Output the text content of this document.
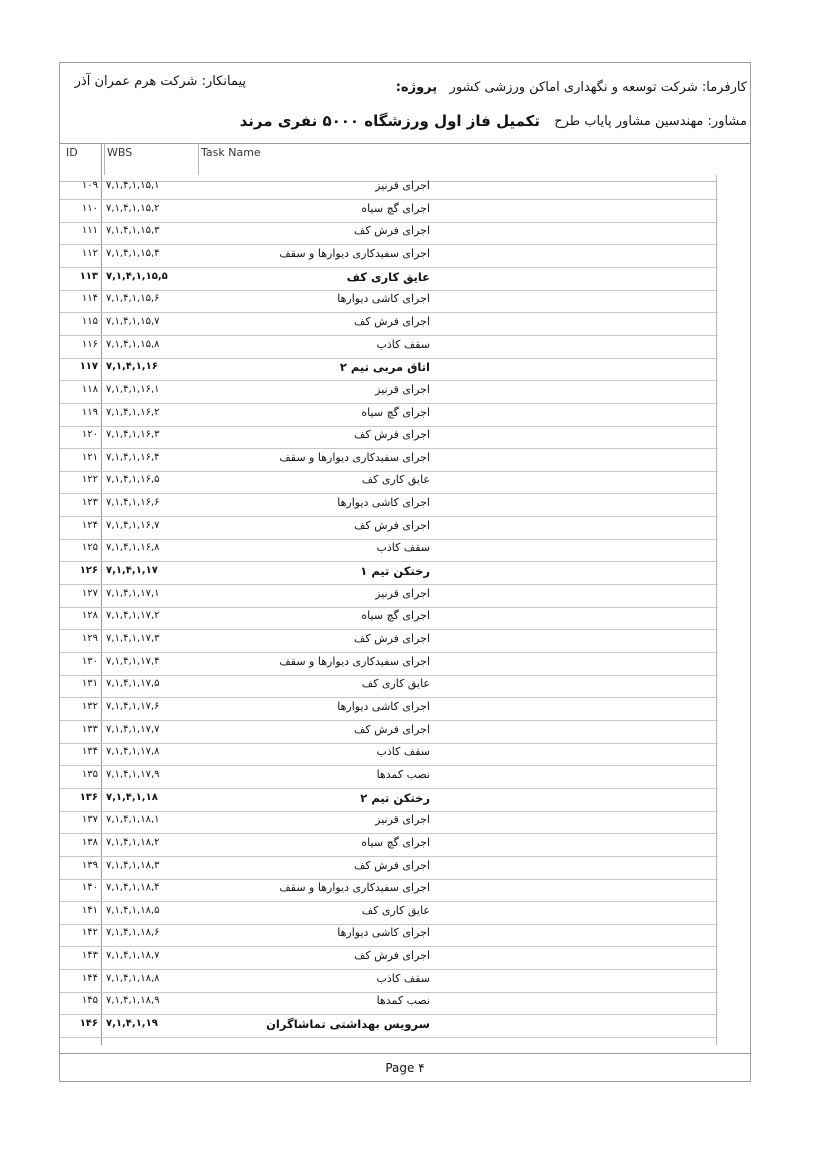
پیمانکار: شرکت هرم عمران آذر	کارفرما: شرکت توسعه و نگهداری اماکن ورزشی کشور   پروژه:
مشاور: مهندسین مشاور پایاب طرح
تکمیل فاز اول ورزشگاه ۵۰۰۰ نفری مرند
ID	WBS	Task Name
۱۰۹ ۷,۱,۴,۱,۱۵,۱	اجرای قرنیز
۱۱۰ ۷,۱,۴,۱,۱۵,۲	اجرای گچ سیاه
۱۱۱ ۷,۱,۴,۱,۱۵,۳	اجرای فرش کف
۱۱۲ ۷,۱,۴,۱,۱۵,۴	اجرای سفیدکاری دیوارها و سقف
۱۱۳ ۷,۱,۴,۱,۱۵,۵	عایق کاری کف
۱۱۴ ۷,۱,۴,۱,۱۵,۶	اجرای کاشی دیوارها
۱۱۵ ۷,۱,۴,۱,۱۵,۷	اجرای فرش کف
۱۱۶ ۷,۱,۴,۱,۱۵,۸	سقف کاذب
۱۱۷ ۷,۱,۴,۱,۱۶	اتاق مربی تیم ۲
۱۱۸ ۷,۱,۴,۱,۱۶,۱	اجرای قرنیز
۱۱۹ ۷,۱,۴,۱,۱۶,۲	اجرای گچ سیاه
۱۲۰ ۷,۱,۴,۱,۱۶,۳	اجرای فرش کف
۱۲۱ ۷,۱,۴,۱,۱۶,۴	اجرای سفیدکاری دیوارها و سقف
۱۲۲ ۷,۱,۴,۱,۱۶,۵	عایق کاری کف
۱۲۳ ۷,۱,۴,۱,۱۶,۶	اجرای کاشی دیوارها
۱۲۴ ۷,۱,۴,۱,۱۶,۷	اجرای فرش کف
۱۲۵ ۷,۱,۴,۱,۱۶,۸	سقف کاذب
۱۲۶ ۷,۱,۴,۱,۱۷	رختکن تیم ۱
۱۲۷ ۷,۱,۴,۱,۱۷,۱	اجرای قرنیز
۱۲۸ ۷,۱,۴,۱,۱۷,۲	اجرای گچ سیاه
۱۲۹ ۷,۱,۴,۱,۱۷,۳	اجرای فرش کف
۱۳۰ ۷,۱,۴,۱,۱۷,۴	اجرای سفیدکاری دیوارها و سقف
۱۳۱ ۷,۱,۴,۱,۱۷,۵	عایق کاری کف
۱۳۲ ۷,۱,۴,۱,۱۷,۶	اجرای کاشی دیوارها
۱۳۳ ۷,۱,۴,۱,۱۷,۷	اجرای فرش کف
۱۳۴ ۷,۱,۴,۱,۱۷,۸	سقف کاذب
۱۳۵ ۷,۱,۴,۱,۱۷,۹	نصب کمدها
۱۳۶ ۷,۱,۴,۱,۱۸	رختکن تیم ۲
۱۳۷ ۷,۱,۴,۱,۱۸,۱	اجرای قرنیز
۱۳۸ ۷,۱,۴,۱,۱۸,۲	اجرای گچ سیاه
۱۳۹ ۷,۱,۴,۱,۱۸,۳	اجرای فرش کف
۱۴۰ ۷,۱,۴,۱,۱۸,۴	اجرای سفیدکاری دیوارها و سقف
۱۴۱ ۷,۱,۴,۱,۱۸,۵	عایق کاری کف
۱۴۲ ۷,۱,۴,۱,۱۸,۶	اجرای کاشی دیوارها
۱۴۳ ۷,۱,۴,۱,۱۸,۷	اجرای فرش کف
۱۴۴ ۷,۱,۴,۱,۱۸,۸	سقف کاذب
۱۴۵ ۷,۱,۴,۱,۱۸,۹	نصب کمدها
۱۴۶ ۷,۱,۴,۱,۱۹	سرویس بهداشتی تماشاگران
Page ۴
